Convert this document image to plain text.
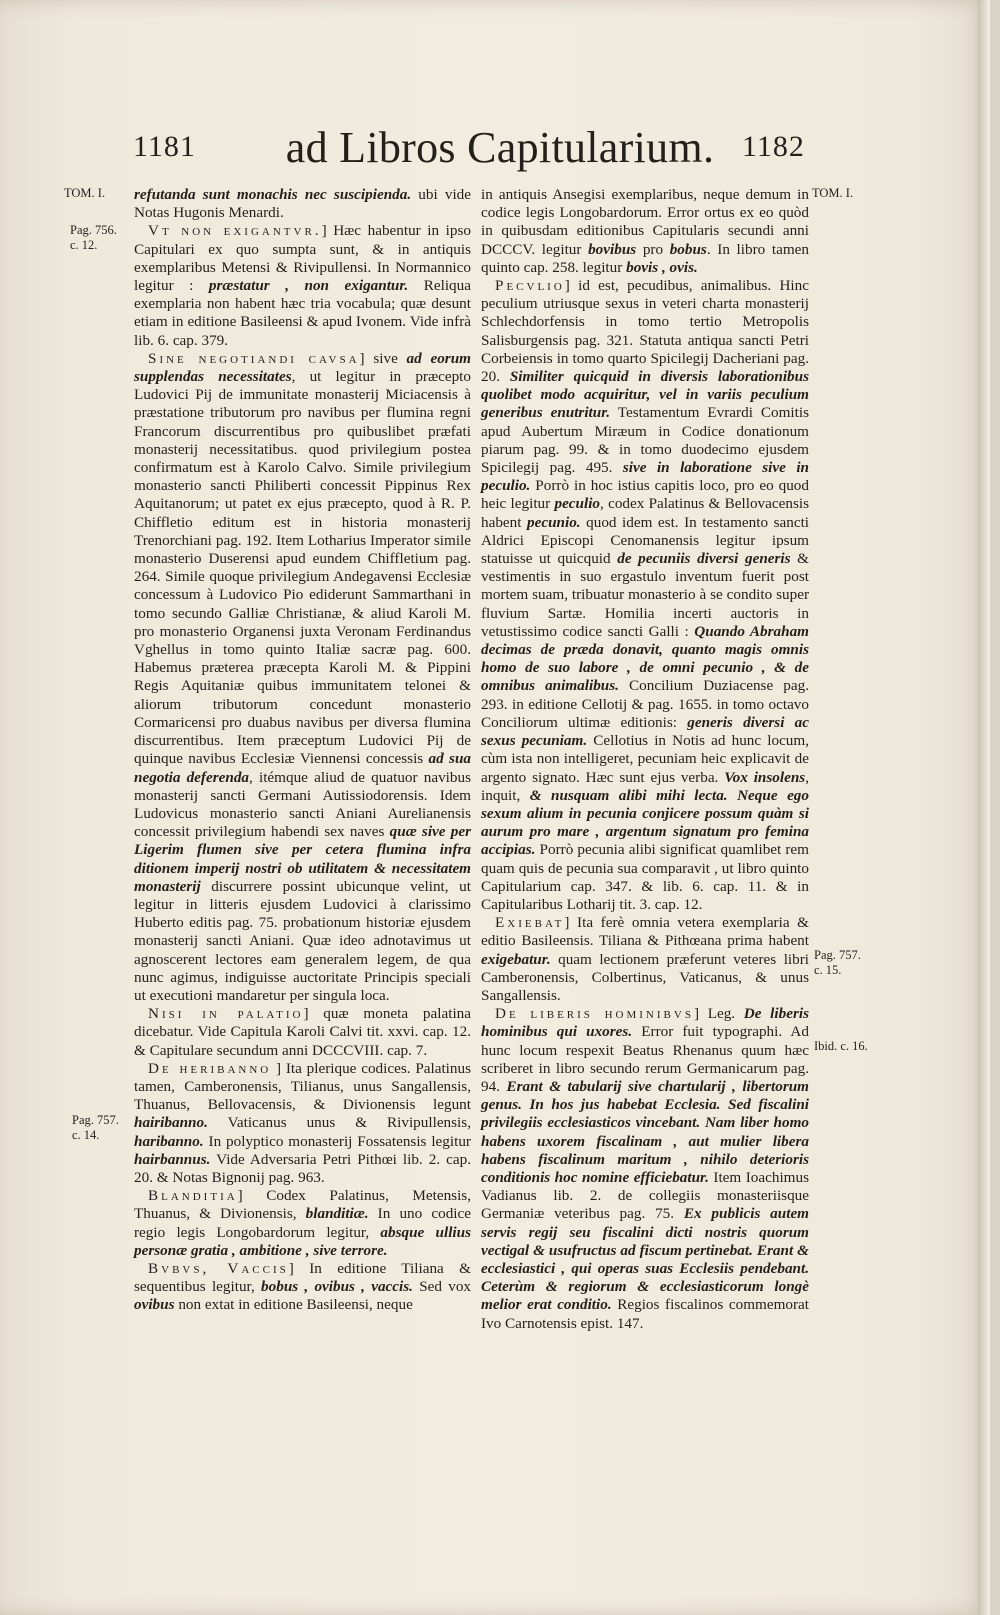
1181	ad Libros Capitularium. 1182
TOM. I.
Pag. 756.
c. 12.
Pag. 757.
c. 14.
TOM. I.
Pag. 757.
c. 15.
Ibid. c. 16.

refutanda sunt monachis nec suscipienda. ubi vide Notas Hugonis Menardi.

Vt non exigantvr.] Hæc habentur in ipso Capitulari ex quo sumpta sunt, & in antiquis exemplaribus Metensi & Rivipullensi. In Normannico legitur : præstatur , non exigantur. Reliqua exemplaria non habent hæc tria vocabula; quæ desunt etiam in editione Basileensi & apud Ivonem. Vide infrà lib. 6. cap. 379.

Sine negotiandi cavsa] sive ad eorum supplendas necessitates, ut legitur in præcepto Ludovici Pij de immunitate monasterij Miciacensis à præstatione tributorum pro navibus per flumina regni Francorum discurrentibus pro quibuslibet præfati monasterij necessitatibus. quod privilegium postea confirmatum est à Karolo Calvo. Simile privilegium monasterio sancti Philiberti concessit Pippinus Rex Aquitanorum; ut patet ex ejus præcepto, quod à R. P. Chiffletio editum est in historia monasterij Trenorchiani pag. 192. Item Lotharius Imperator simile monasterio Duserensi apud eundem Chiffletium pag. 264. Simile quoque privilegium Andegavensi Ecclesiæ concessum à Ludovico Pio ediderunt Sammarthani in tomo secundo Galliæ Christianæ, & aliud Karoli M. pro monasterio Organensi juxta Veronam Ferdinandus Vghellus in tomo quinto Italiæ sacræ pag. 600. Habemus præterea præcepta Karoli M. & Pippini Regis Aquitaniæ quibus immunitatem telonei & aliorum tributorum concedunt monasterio Cormaricensi pro duabus navibus per diversa flumina discurrentibus. Item præceptum Ludovici Pij de quinque navibus Ecclesiæ Viennensi concessis ad sua negotia deferenda, itémque aliud de quatuor navibus monasterij sancti Germani Autissiodorensis. Idem Ludovicus monasterio sancti Aniani Aurelianensis concessit privilegium habendi sex naves quæ sive per Ligerim flumen sive per cetera flumina infra ditionem imperij nostri ob utilitatem & necessitatem monasterij discurrere possint ubicunque velint, ut legitur in litteris ejusdem Ludovici à clarissimo Huberto editis pag. 75. probationum historiæ ejusdem monasterij sancti Aniani. Quæ ideo adnotavimus ut agnoscerent lectores eam generalem legem, de qua nunc agimus, indiguisse auctoritate Principis speciali ut executioni mandaretur per singula loca.

Nisi in palatio] quæ moneta palatina dicebatur. Vide Capitula Karoli Calvi tit. xxvi. cap. 12. & Capitulare secundum anni DCCCVIII. cap. 7.

De heribanno ] Ita plerique codices. Palatinus tamen, Camberonensis, Tilianus, unus Sangallensis, Thuanus, Bellovacensis, & Divionensis legunt hairibanno. Vaticanus unus & Rivipullensis, haribanno. In polyptico monasterij Fossatensis legitur hairbannus. Vide Adversaria Petri Pithœi lib. 2. cap. 20. & Notas Bignonij pag. 963.

Blanditia] Codex Palatinus, Metensis, Thuanus, & Divionensis, blanditiæ. In uno codice regio legis Longobardorum legitur, absque ullius personæ gratia , ambitione , sive terrore.

Bvbvs, Vaccis] In editione Tiliana & sequentibus legitur, bobus , ovibus , vaccis. Sed vox ovibus non extat in editione Basileensi, neque

in antiquis Ansegisi exemplaribus, neque demum in codice legis Longobardorum. Error ortus ex eo quòd in quibusdam editionibus Capitularis secundi anni DCCCV. legitur bovibus pro bobus. In libro tamen quinto cap. 258. legitur bovis , ovis.

Pecvlio] id est, pecudibus, animalibus. Hinc peculium utriusque sexus in veteri charta monasterij Schlechdorfensis in tomo tertio Metropolis Salisburgensis pag. 321. Statuta antiqua sancti Petri Corbeiensis in tomo quarto Spicilegij Dacheriani pag. 20. Similiter quicquid in diversis laborationibus quolibet modo acquiritur, vel in variis peculium generibus enutritur. Testamentum Evrardi Comitis apud Aubertum Miræum in Codice donationum piarum pag. 99. & in tomo duodecimo ejusdem Spicilegij pag. 495. sive in laboratione sive in peculio. Porrò in hoc istius capitis loco, pro eo quod heic legitur peculio, codex Palatinus & Bellovacensis habent pecunio. quod idem est. In testamento sancti Aldrici Episcopi Cenomanensis legitur ipsum statuisse ut quicquid de pecuniis diversi generis & vestimentis in suo ergastulo inventum fuerit post mortem suam, tribuatur monasterio à se condito super fluvium Sartæ. Homilia incerti auctoris in vetustissimo codice sancti Galli : Quando Abraham decimas de præda donavit, quanto magis omnis homo de suo labore , de omni pecunio , & de omnibus animalibus. Concilium Duziacense pag. 293. in editione Cellotij & pag. 1655. in tomo octavo Conciliorum ultimæ editionis: generis diversi ac sexus pecuniam. Cellotius in Notis ad hunc locum, cùm ista non intelligeret, pecuniam heic explicavit de argento signato. Hæc sunt ejus verba. Vox insolens, inquit, & nusquam alibi mihi lecta. Neque ego sexum alium in pecunia conjicere possum quàm si aurum pro mare , argentum signatum pro femina accipias. Porrò pecunia alibi significat quamlibet rem quam quis de pecunia sua comparavit , ut libro quinto Capitularium cap. 347. & lib. 6. cap. 11. & in Capitularibus Lotharij tit. 3. cap. 12.

Exiebat] Ita ferè omnia vetera exemplaria & editio Basileensis. Tiliana & Pithœana prima habent exigebatur. quam lectionem præferunt veteres libri Camberonensis, Colbertinus, Vaticanus, & unus Sangallensis.

De liberis hominibvs] Leg. De liberis hominibus qui uxores. Error fuit typographi. Ad hunc locum respexit Beatus Rhenanus quum hæc scriberet in libro secundo rerum Germanicarum pag. 94. Erant & tabularij sive chartularij , libertorum genus. In hos jus habebat Ecclesia. Sed fiscalini privilegiis ecclesiasticos vincebant. Nam liber homo habens uxorem fiscalinam , aut mulier libera habens fiscalinum maritum , nihilo deterioris conditionis hoc nomine efficiebatur. Item Ioachimus Vadianus lib. 2. de collegiis monasteriisque Germaniæ veteribus pag. 75. Ex publicis autem servis regij seu fiscalini dicti nostris quorum vectigal & usufructus ad fiscum pertinebat. Erant & ecclesiastici , qui operas suas Ecclesiis pendebant. Ceterùm & regiorum & ecclesiasticorum longè melior erat conditio. Regios fiscalinos commemorat Ivo Carnotensis epist. 147.
